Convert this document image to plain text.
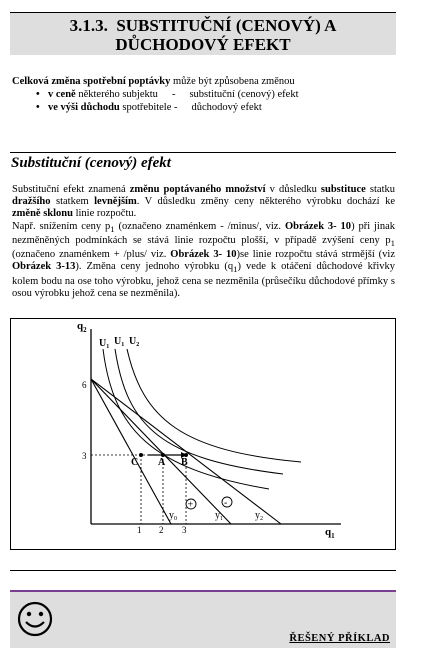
3.1.3. SUBSTITUČNÍ (CENOVÝ) A DŮCHODOVÝ EFEKT
Celková změna spotřební poptávky může být způsobena změnou
• v ceně některého subjektu - substituční (cenový) efekt
• ve výši důchodu spotřebitele - důchodový efekt
Substituční (cenový) efekt

Substituční efekt znamená změnu poptávaného množství v důsledku substituce statku dražšího statkem levnějším. V důsledku změny ceny některého výrobku dochází ke změně sklonu linie rozpočtu.

Např. snížením ceny $p_1$ (označeno znaménkem - /minus/, viz. Obrázek 3- 10) při jinak nezměněných podmínkách se stává linie rozpočtu plošší, v případě zvýšení ceny $p_1$ (označeno znaménkem + /plus/ viz. Obrázek 3- 10)se linie rozpočtu stává strmější (viz Obrázek 3-13). Změna ceny jednoho výrobku $(q_1)$ vede k otáčení důchodové křivky kolem bodu na ose toho výrobku, jehož cena se nezměnila (průsečíku důchodové přímky s osou výrobku jehož cena se nezměnila).

$q_2$
$q_1$
6
3
1 2 3
$U_1$ $U_1$ $U_2$
C A B
$y_0$	$y_1$	$y_2$
+	-
ŘEŠENÝ PŘÍKLAD
